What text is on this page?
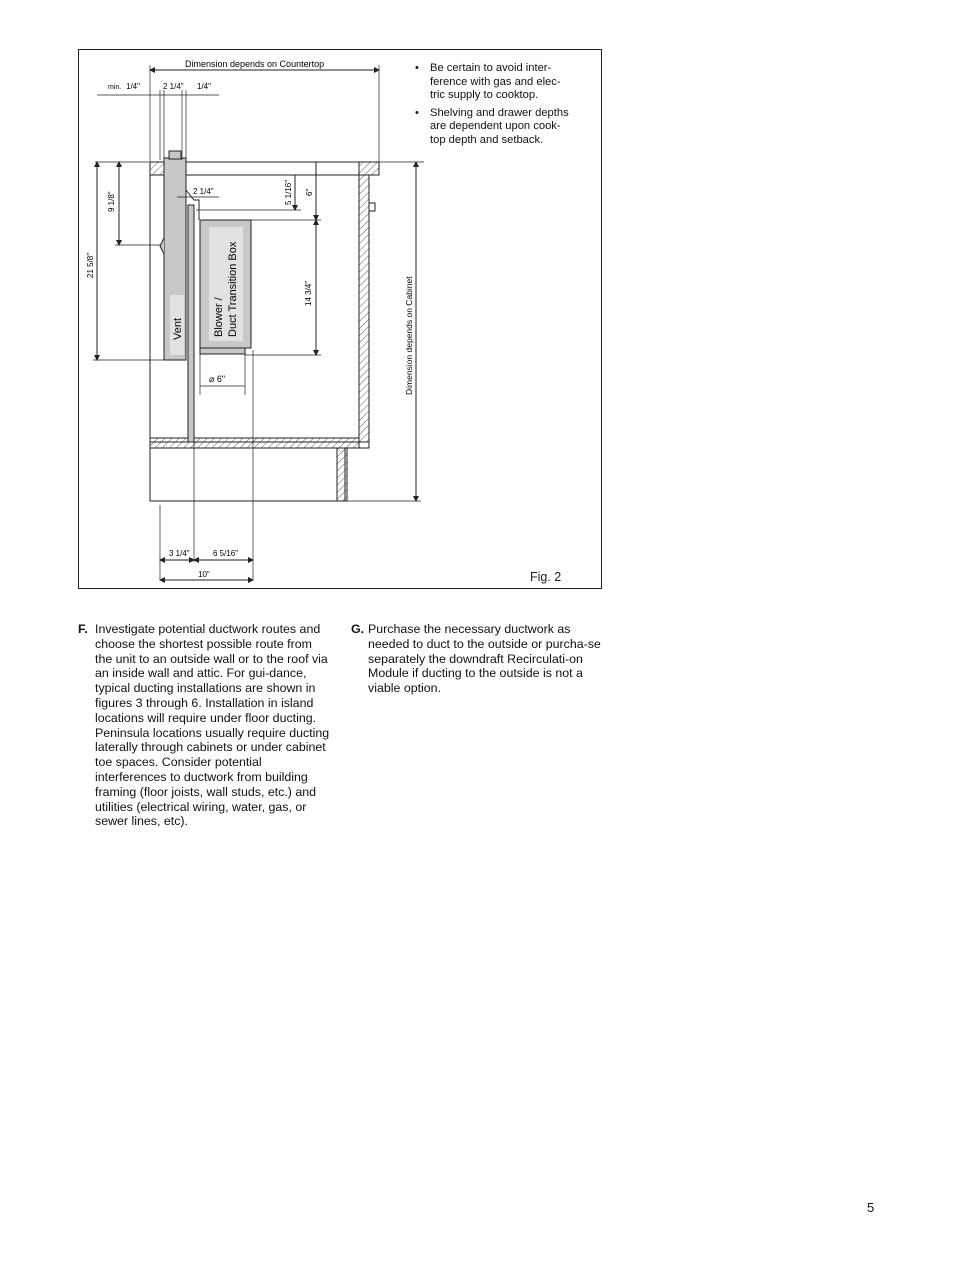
Vent	Blower / Duct Transition Box
Dimension depends on Countertop
min. 1/4"	2 1/4" 1/4"
2 1/4"
9 1/8"
21 5/8"
5 1/16" 6"
14 3/4"
⌀ 6"	Dimension depends on Cabinet
3 1/4"	6 5/16"
10"
• Be certain to avoid inter-
ference with gas and elec-
tric supply to cooktop.
• Shelving and drawer depths
are dependent upon cook-
top depth and setback.
Fig. 2
F. Investigate potential ductwork routes and choose the shortest possible route from the unit to an outside wall or to the roof via an inside wall and attic. For gui-dance, typical ducting installations are shown in figures 3 through 6. Installation in island locations will require under floor ducting. Peninsula locations usually require ducting laterally through cabinets or under cabinet toe spaces. Consider potential interferences to ductwork from building framing (floor joists, wall studs, etc.) and utilities (electrical wiring, water, gas, or sewer lines, etc).
G. Purchase the necessary ductwork as needed to duct to the outside or purcha-se separately the downdraft Recirculati-on Module if ducting to the outside is not a viable option.
5
